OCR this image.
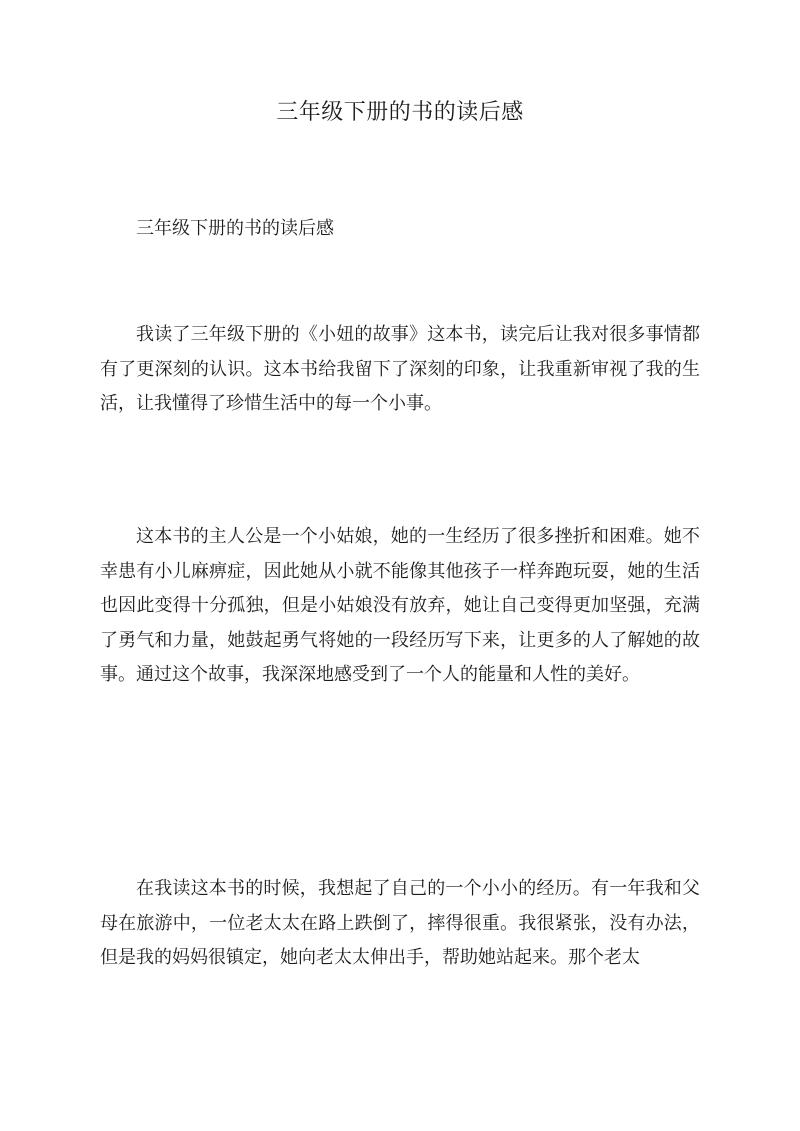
三年级下册的书的读后感
三年级下册的书的读后感

我读了三年级下册的《小妞的故事》这本书，读完后让我对很多事情都有了更深刻的认识。这本书给我留下了深刻的印象，让我重新审视了我的生活，让我懂得了珍惜生活中的每一个小事。

这本书的主人公是一个小姑娘，她的一生经历了很多挫折和困难。她不幸患有小儿麻痹症，因此她从小就不能像其他孩子一样奔跑玩耍，她的生活也因此变得十分孤独，但是小姑娘没有放弃，她让自己变得更加坚强，充满了勇气和力量，她鼓起勇气将她的一段经历写下来，让更多的人了解她的故事。通过这个故事，我深深地感受到了一个人的能量和人性的美好。

在我读这本书的时候，我想起了自己的一个小小的经历。有一年我和父母在旅游中，一位老太太在路上跌倒了，摔得很重。我很紧张，没有办法，但是我的妈妈很镇定，她向老太太伸出手，帮助她站起来。那个老太
